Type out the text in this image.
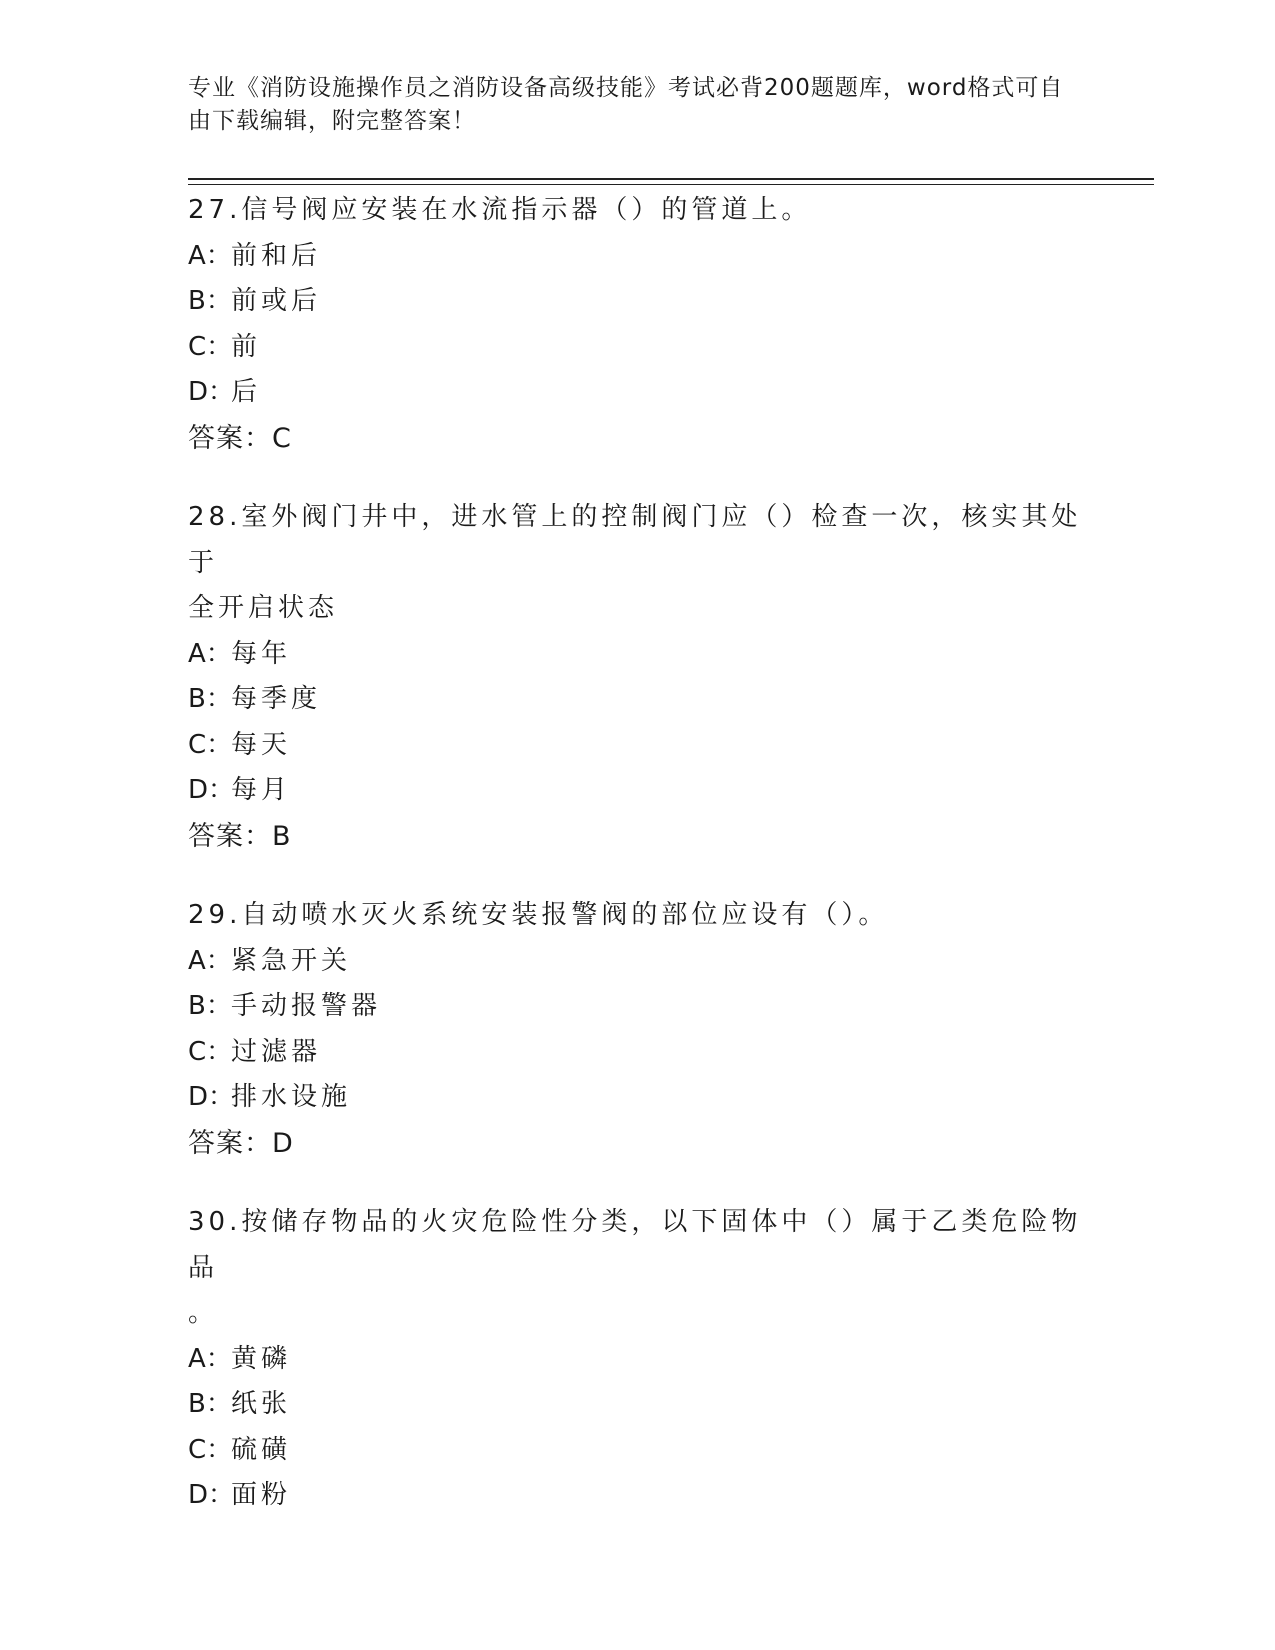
专业《消防设施操作员之消防设备高级技能》考试必背200题题库，word格式可自由下载编辑，附完整答案！
27.信号阀应安装在水流指示器（）的管道上。
A： 前和后
B： 前或后
C：
前
D：
后
答案：C
28.室外阀门井中，进水管上的控制阀门应（）检查一次，核实其处于
全开启状态
A： 每年
B： 每季度
C：
每天
D：
每月
答案：B
29.自动喷水灭火系统安装报警阀的部位应设有（）。
A： 紧急开关
B： 手动报警器
C：
过滤器
D：
排水设施
答案：D
30.按储存物品的火灾危险性分类，以下固体中（）属于乙类危险物品
。
A： 黄磷
B： 纸张
C：
硫磺
D：
面粉
